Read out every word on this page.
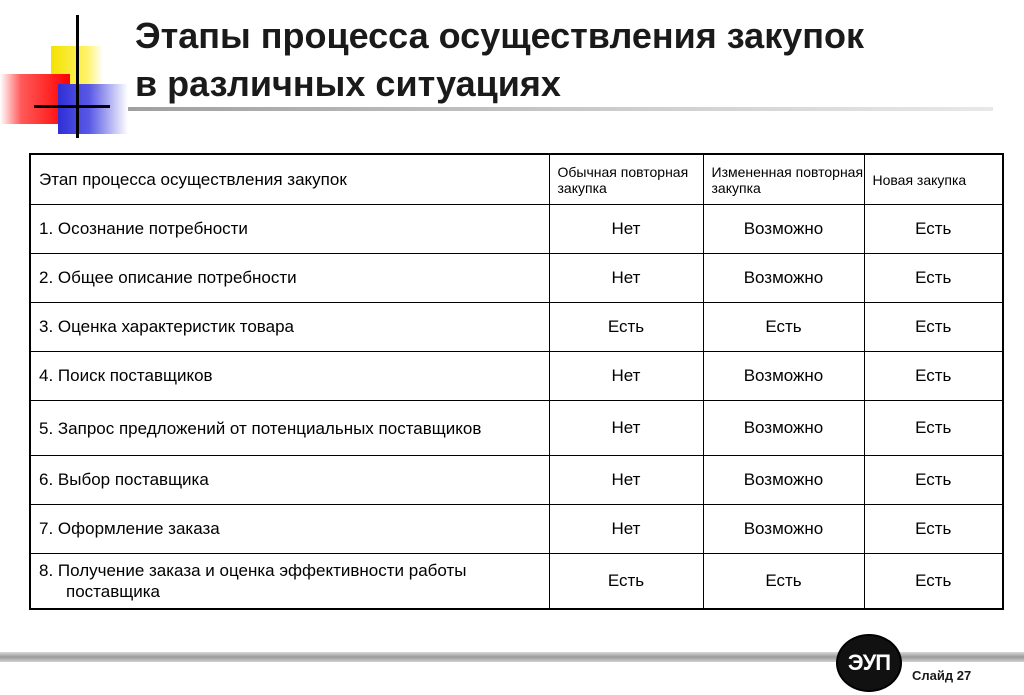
Этапы процесса осуществления закупок
в различных ситуациях
Этап процесса осуществления закупок	Обычная повторная закупка	Измененная повторная закупка	Новая закупка
1. Осознание потребности	Нет	Возможно	Есть
2. Общее описание потребности	Нет	Возможно	Есть
3. Оценка характеристик товара	Есть	Есть	Есть
4. Поиск поставщиков	Нет	Возможно	Есть

5. Запрос предложений от потенциальных поставщиков	Нет	Возможно	Есть
6. Выбор поставщика	Нет	Возможно	Есть
7. Оформление заказа	Нет	Возможно	Есть

8. Получение заказа и оценка эффективности работы поставщика	Есть	Есть	Есть
ЭУП
Слайд 27
